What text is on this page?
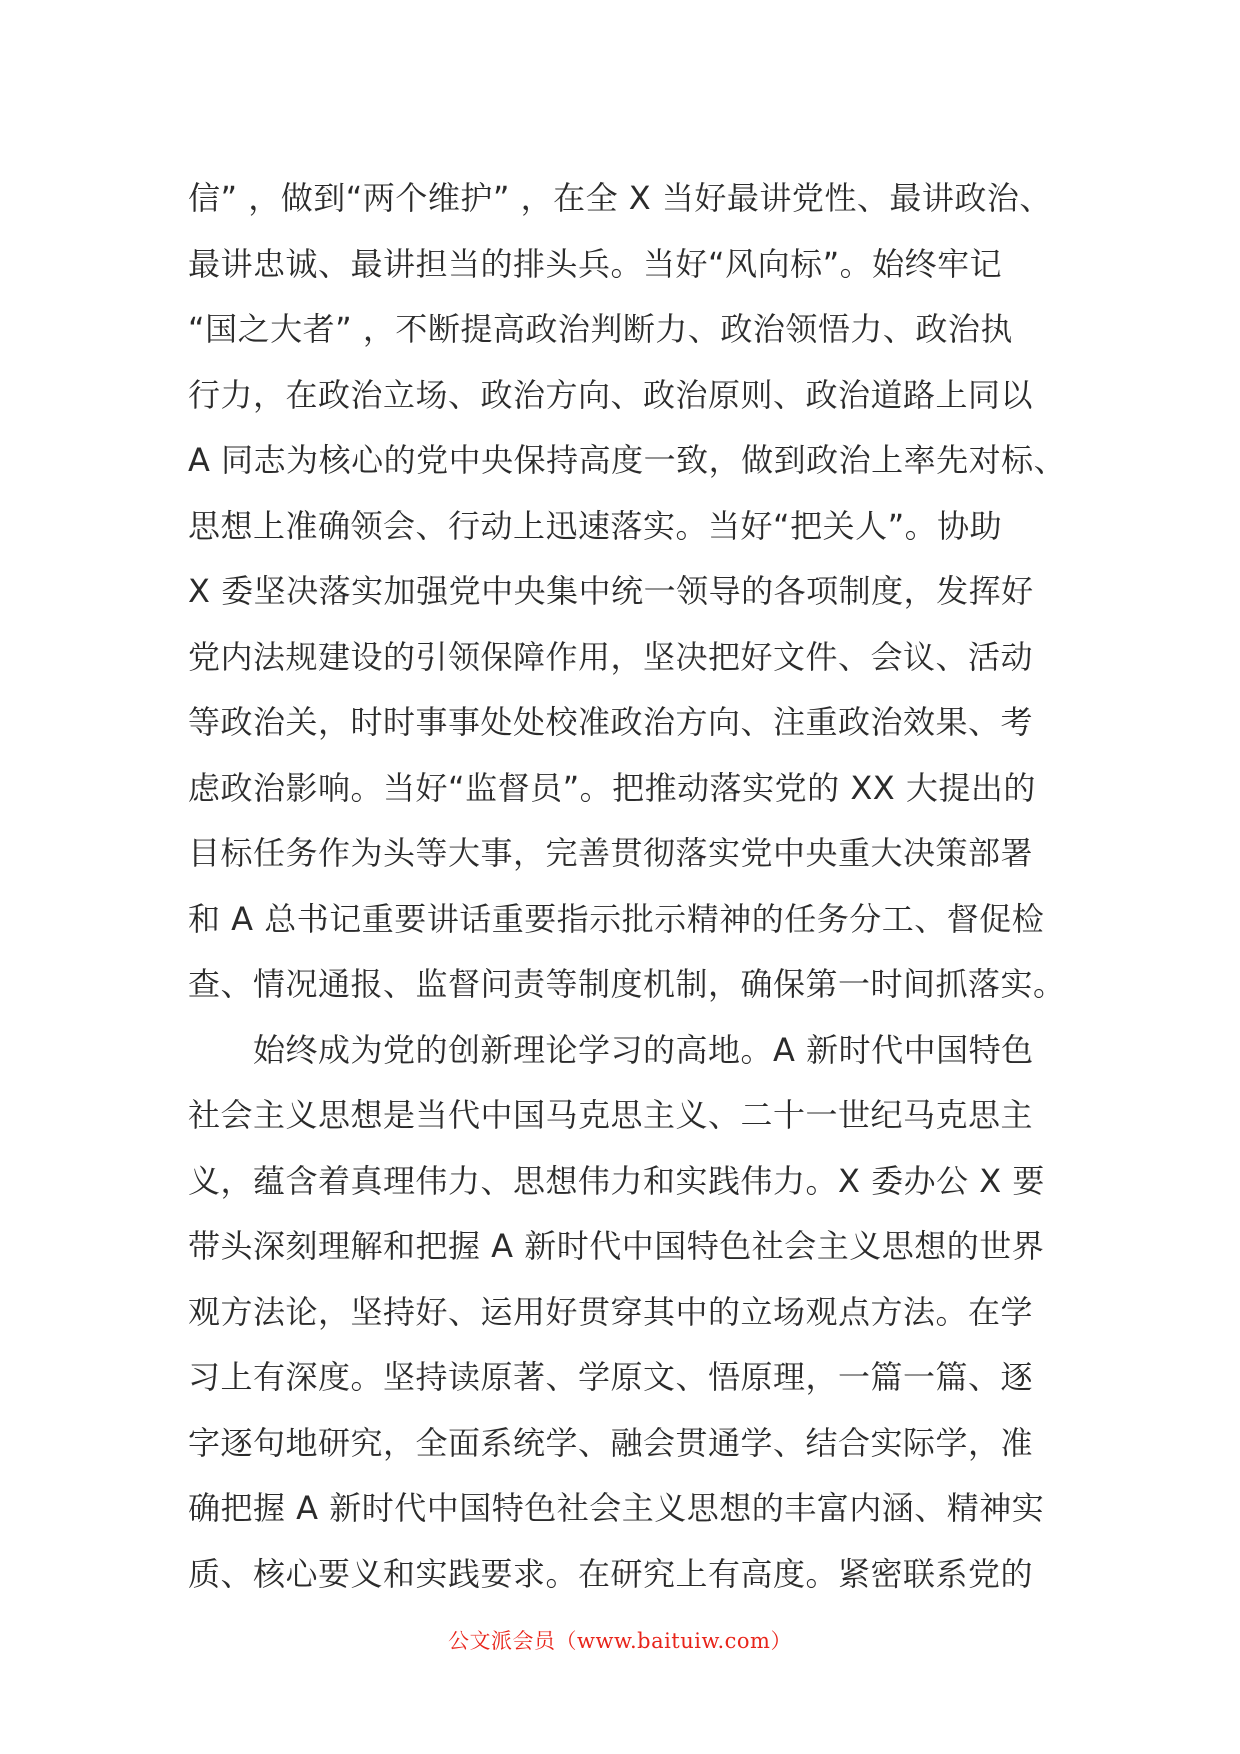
信” ，做到“两个维护” ，在全 X 当好最讲党性、最讲政治、
最讲忠诚、最讲担当的排头兵。当好“风向标”。始终牢记
“国之大者” ，不断提高政治判断力、政治领悟力、政治执
行力，在政治立场、政治方向、政治原则、政治道路上同以
A 同志为核心的党中央保持高度一致，做到政治上率先对标、
思想上准确领会、行动上迅速落实。当好“把关人”。协助
X 委坚决落实加强党中央集中统一领导的各项制度，发挥好
党内法规建设的引领保障作用，坚决把好文件、会议、活动
等政治关，时时事事处处校准政治方向、注重政治效果、考
虑政治影响。当好“监督员”。把推动落实党的 XX 大提出的
目标任务作为头等大事，完善贯彻落实党中央重大决策部署
和 A 总书记重要讲话重要指示批示精神的任务分工、督促检
查、情况通报、监督问责等制度机制，确保第一时间抓落实。
　　始终成为党的创新理论学习的高地。A 新时代中国特色
社会主义思想是当代中国马克思主义、二十一世纪马克思主
义，蕴含着真理伟力、思想伟力和实践伟力。X 委办公 X 要
带头深刻理解和把握 A 新时代中国特色社会主义思想的世界
观方法论，坚持好、运用好贯穿其中的立场观点方法。在学
习上有深度。坚持读原著、学原文、悟原理，一篇一篇、逐
字逐句地研究，全面系统学、融会贯通学、结合实际学，准
确把握 A 新时代中国特色社会主义思想的丰富内涵、精神实
质、核心要义和实践要求。在研究上有高度。紧密联系党的
公文派会员（www.baituiw.com）
